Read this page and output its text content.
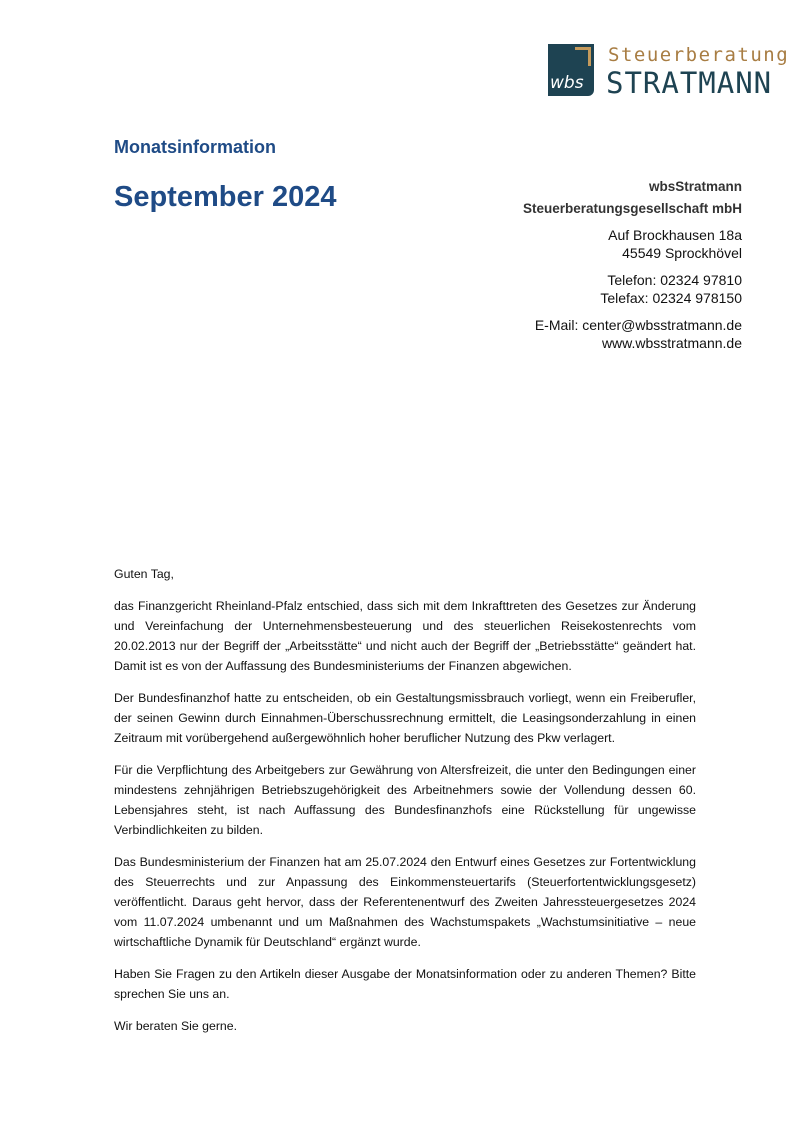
wbs
Steuerberatung
STRATMANN
Monatsinformation
September 2024	wbsStratmann
Steuerberatungsgesellschaft mbH
Auf Brockhausen 18a
45549 Sprockhövel
Telefon: 02324 97810
Telefax: 02324 978150
E-Mail: center@wbsstratmann.de
www.wbsstratmann.de

Guten Tag,

das Finanzgericht Rheinland-Pfalz entschied, dass sich mit dem Inkrafttreten des Gesetzes zur Änderung und Vereinfachung der Unternehmensbesteuerung und des steuerlichen Reisekostenrechts vom 20.02.2013 nur der Begriff der „Arbeitsstätte“ und nicht auch der Begriff der „Betriebsstätte“ geändert hat. Damit ist es von der Auffassung des Bundesministeriums der Finanzen abgewichen.

Der Bundesfinanzhof hatte zu entscheiden, ob ein Gestaltungsmissbrauch vorliegt, wenn ein Freiberufler, der seinen Gewinn durch Einnahmen-Überschussrechnung ermittelt, die Leasingsonderzahlung in einen Zeitraum mit vorübergehend außergewöhnlich hoher beruflicher Nutzung des Pkw verlagert.

Für die Verpflichtung des Arbeitgebers zur Gewährung von Altersfreizeit, die unter den Bedingungen einer mindestens zehnjährigen Betriebszugehörigkeit des Arbeitnehmers sowie der Vollendung dessen 60. Lebensjahres steht, ist nach Auffassung des Bundesfinanzhofs eine Rückstellung für ungewisse Verbindlichkeiten zu bilden.

Das Bundesministerium der Finanzen hat am 25.07.2024 den Entwurf eines Gesetzes zur Fortentwicklung des Steuerrechts und zur Anpassung des Einkommensteuertarifs (Steuerfortentwicklungsgesetz) veröffentlicht. Daraus geht hervor, dass der Referentenentwurf des Zweiten Jahressteuergesetzes 2024 vom 11.07.2024 umbenannt und um Maßnahmen des Wachstumspakets „Wachstumsinitiative – neue wirtschaftliche Dynamik für Deutschland“ ergänzt wurde.

Haben Sie Fragen zu den Artikeln dieser Ausgabe der Monatsinformation oder zu anderen Themen? Bitte sprechen Sie uns an.

Wir beraten Sie gerne.
